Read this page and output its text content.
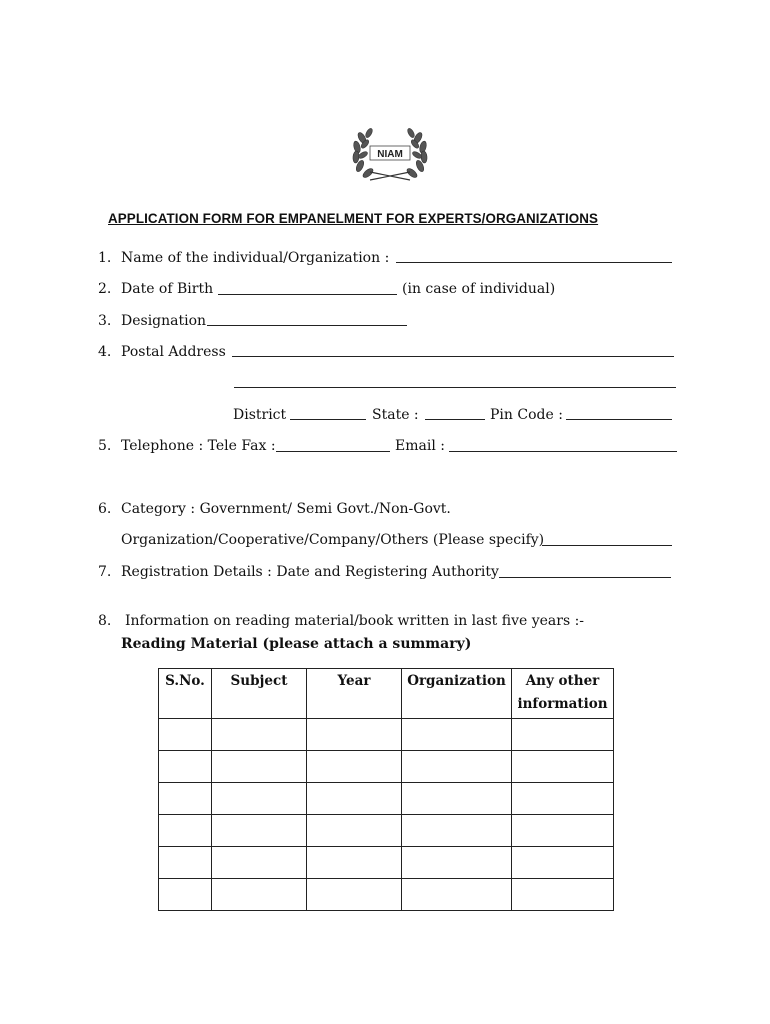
NIAM
APPLICATION FORM FOR EMPANELMENT FOR EXPERTS/ORGANIZATIONS
1. Name of the individual/Organization :
2. Date of Birth	(in case of individual)
3. Designation
4. Postal Address
District	State :	Pin Code :
5. Telephone : Tele Fax :	Email :
6. Category : Government/ Semi Govt./Non-Govt.
Organization/Cooperative/Company/Others (Please specify)
7. Registration Details : Date and Registering Authority
8. Information on reading material/book written in last five years :-
Reading Material (please attach a summary)
S.No.	Subject	Year	Organization	Any other
information
